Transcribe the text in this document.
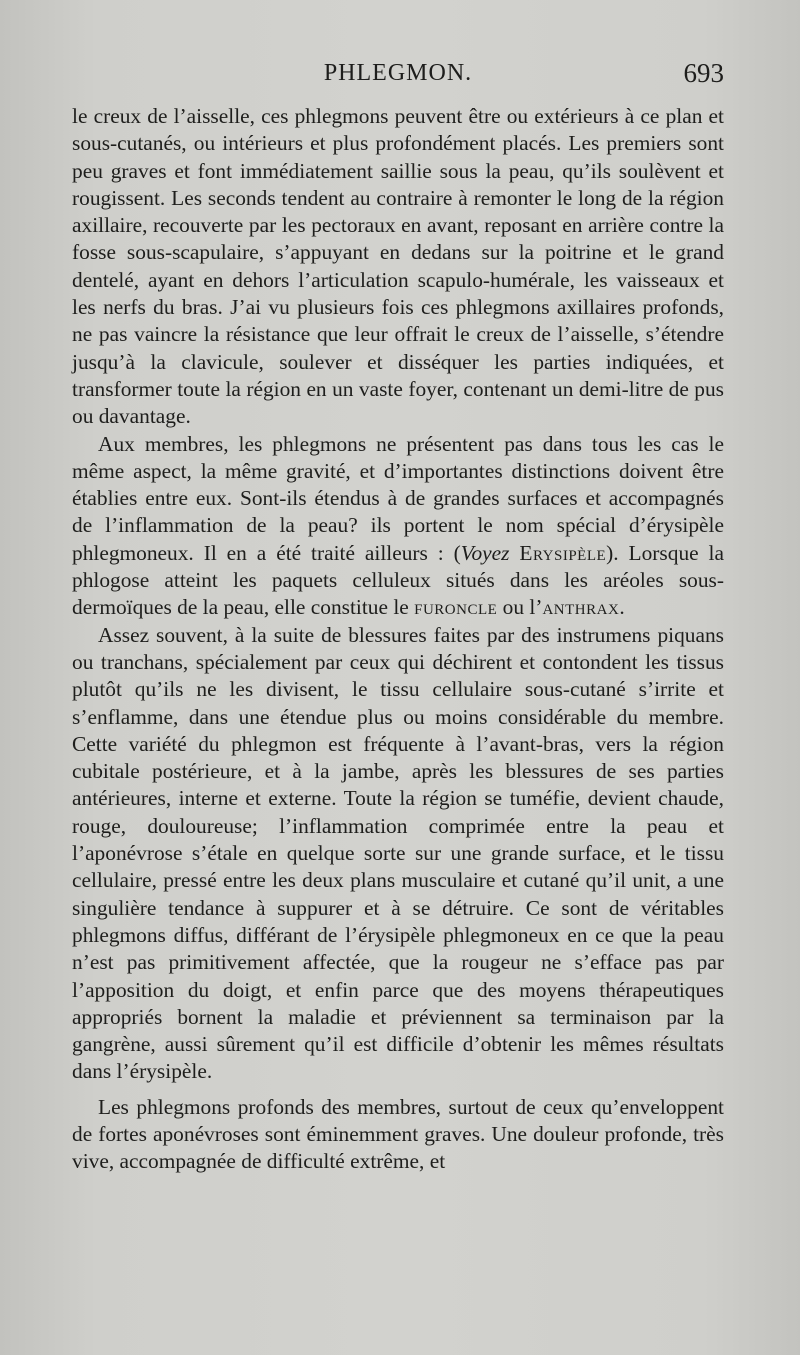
PHLEGMON.	693

le creux de l’aisselle, ces phlegmons peuvent être ou extérieurs à ce plan et sous-cutanés, ou intérieurs et plus profondément placés. Les premiers sont peu graves et font immédiatement saillie sous la peau, qu’ils soulèvent et rougissent. Les seconds tendent au contraire à remonter le long de la région axillaire, recouverte par les pectoraux en avant, reposant en arrière contre la fosse sous-scapulaire, s’appuyant en dedans sur la poitrine et le grand dentelé, ayant en dehors l’articulation scapulo-humérale, les vaisseaux et les nerfs du bras. J’ai vu plusieurs fois ces phlegmons axillaires profonds, ne pas vaincre la résistance que leur offrait le creux de l’aisselle, s’étendre jusqu’à la clavicule, soulever et disséquer les parties indiquées, et transformer toute la région en un vaste foyer, contenant un demi-litre de pus ou davantage.

Aux membres, les phlegmons ne présentent pas dans tous les cas le même aspect, la même gravité, et d’importantes distinctions doivent être établies entre eux. Sont-ils étendus à de grandes surfaces et accompagnés de l’inflammation de la peau? ils portent le nom spécial d’érysipèle phlegmoneux. Il en a été traité ailleurs : (Voyez Erysipèle). Lorsque la phlogose atteint les paquets celluleux situés dans les aréoles sous-dermoïques de la peau, elle constitue le furoncle ou l’anthrax.

Assez souvent, à la suite de blessures faites par des instrumens piquans ou tranchans, spécialement par ceux qui déchirent et contondent les tissus plutôt qu’ils ne les divisent, le tissu cellulaire sous-cutané s’irrite et s’enflamme, dans une étendue plus ou moins considérable du membre. Cette variété du phlegmon est fréquente à l’avant-bras, vers la région cubitale postérieure, et à la jambe, après les blessures de ses parties antérieures, interne et externe. Toute la région se tuméfie, devient chaude, rouge, douloureuse; l’inflammation comprimée entre la peau et l’aponévrose s’étale en quelque sorte sur une grande surface, et le tissu cellulaire, pressé entre les deux plans musculaire et cutané qu’il unit, a une singulière tendance à suppurer et à se détruire. Ce sont de véritables phlegmons diffus, différant de l’érysipèle phlegmoneux en ce que la peau n’est pas primitivement affectée, que la rougeur ne s’efface pas par l’apposition du doigt, et enfin parce que des moyens thérapeutiques appropriés bornent la maladie et préviennent sa terminaison par la gangrène, aussi sûrement qu’il est difficile d’obtenir les mêmes résultats dans l’érysipèle.

Les phlegmons profonds des membres, surtout de ceux qu’enveloppent de fortes aponévroses sont éminemment graves. Une douleur profonde, très vive, accompagnée de difficulté extrême, et
